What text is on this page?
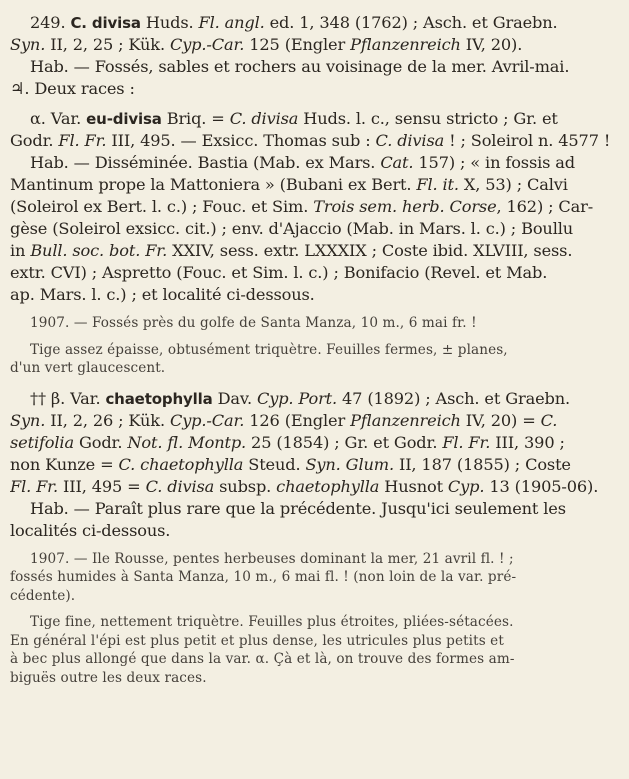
249. C. divisa Huds. Fl. angl. ed. 1, 348 (1762) ; Asch. et Graebn.
Syn. II, 2, 25 ; Kük. Cyp.-Car. 125 (Engler Pflanzenreich IV, 20).
Hab. — Fossés, sables et rochers au voisinage de la mer. Avril-mai.
♃. Deux races :
α. Var. eu-divisa Briq. = C. divisa Huds. l. c., sensu stricto ; Gr. et
Godr. Fl. Fr. III, 495. — Exsicc. Thomas sub : C. divisa ! ; Soleirol n. 4577 !
Hab. — Disséminée. Bastia (Mab. ex Mars. Cat. 157) ; « in fossis ad
Mantinum prope la Mattoniera » (Bubani ex Bert. Fl. it. X, 53) ; Calvi
(Soleirol ex Bert. l. c.) ; Fouc. et Sim. Trois sem. herb. Corse, 162) ; Car-
gèse (Soleirol exsicc. cit.) ; env. d'Ajaccio (Mab. in Mars. l. c.) ; Boullu
in Bull. soc. bot. Fr. XXIV, sess. extr. LXXXIX ; Coste ibid. XLVIII, sess.
extr. CVI) ; Aspretto (Fouc. et Sim. l. c.) ; Bonifacio (Revel. et Mab.
ap. Mars. l. c.) ; et localité ci-dessous.
1907. — Fossés près du golfe de Santa Manza, 10 m., 6 mai fr. !
Tige assez épaisse, obtusément triquètre. Feuilles fermes, ± planes,
d'un vert glaucescent.
†† β. Var. chaetophylla Dav. Cyp. Port. 47 (1892) ; Asch. et Graebn.
Syn. II, 2, 26 ; Kük. Cyp.-Car. 126 (Engler Pflanzenreich IV, 20) = C.
setifolia Godr. Not. fl. Montp. 25 (1854) ; Gr. et Godr. Fl. Fr. III, 390 ;
non Kunze = C. chaetophylla Steud. Syn. Glum. II, 187 (1855) ; Coste
Fl. Fr. III, 495 = C. divisa subsp. chaetophylla Husnot Cyp. 13 (1905-06).
Hab. — Paraît plus rare que la précédente. Jusqu'ici seulement les
localités ci-dessous.
1907. — Ile Rousse, pentes herbeuses dominant la mer, 21 avril fl. ! ;
fossés humides à Santa Manza, 10 m., 6 mai fl. ! (non loin de la var. pré-
cédente).
Tige fine, nettement triquètre. Feuilles plus étroites, pliées-sétacées.
En général l'épi est plus petit et plus dense, les utricules plus petits et
à bec plus allongé que dans la var. α. Çà et là, on trouve des formes am-
biguës outre les deux races.
